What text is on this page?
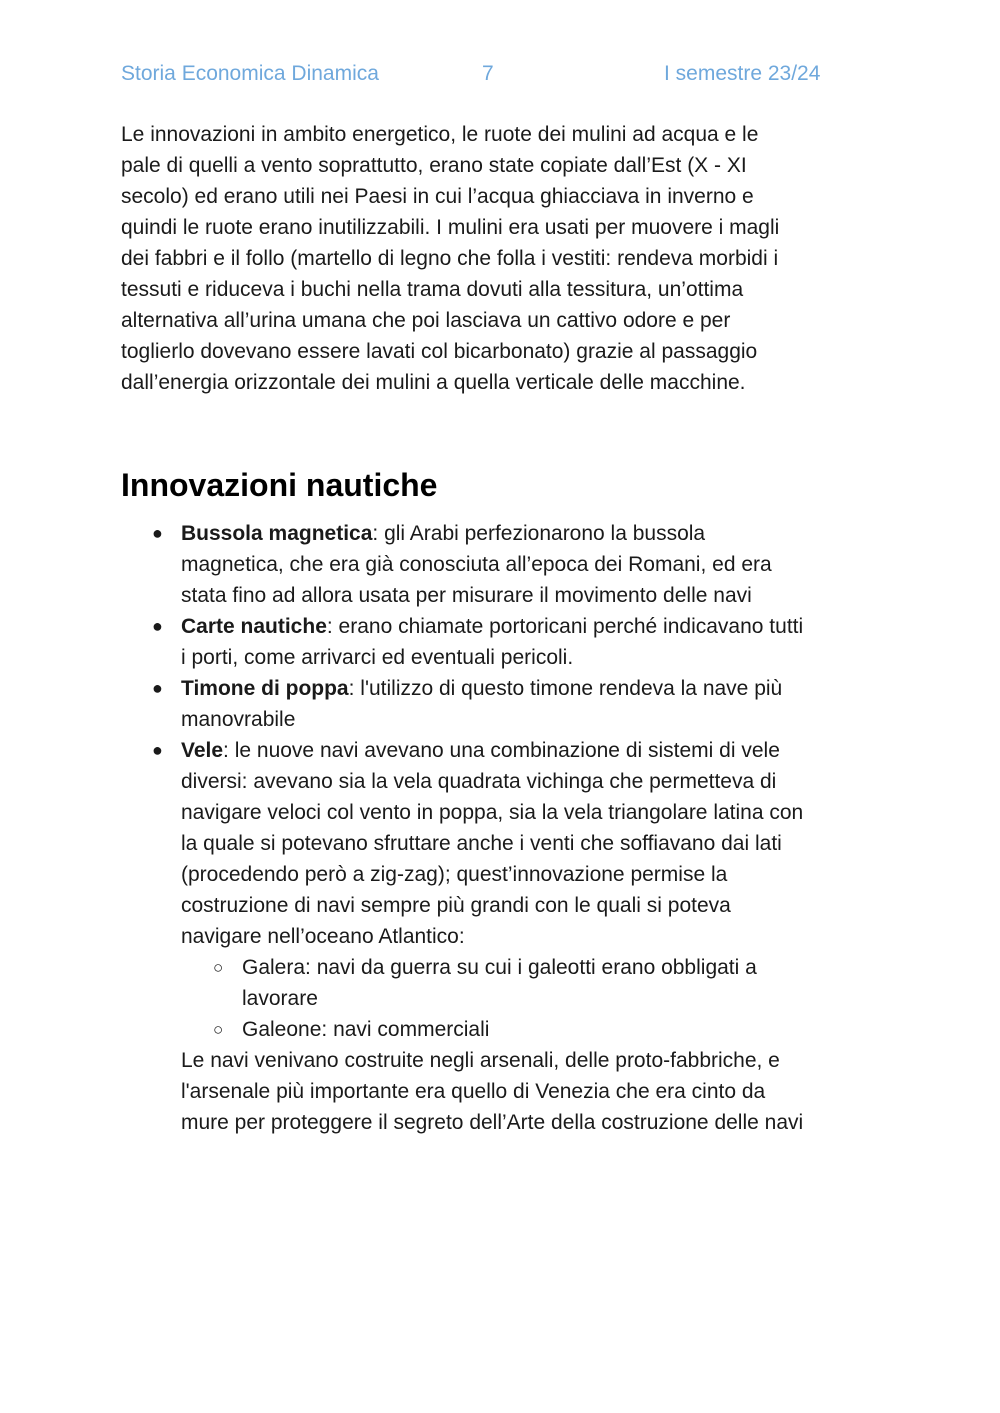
Storia Economica Dinamica	7	I semestre 23/24

Le innovazioni in ambito energetico, le ruote dei mulini ad acqua e le
pale di quelli a vento soprattutto, erano state copiate dall’Est (X - XI
secolo) ed erano utili nei Paesi in cui l’acqua ghiacciava in inverno e
quindi le ruote erano inutilizzabili. I mulini era usati per muovere i magli
dei fabbri e il follo (martello di legno che folla i vestiti: rendeva morbidi i
tessuti e riduceva i buchi nella trama dovuti alla tessitura, un’ottima
alternativa all’urina umana che poi lasciava un cattivo odore e per
toglierlo dovevano essere lavati col bicarbonato) grazie al passaggio
dall’energia orizzontale dei mulini a quella verticale delle macchine.

Innovazioni nautiche
● Bussola magnetica: gli Arabi perfezionarono la bussola
magnetica, che era già conosciuta all’epoca dei Romani, ed era
stata fino ad allora usata per misurare il movimento delle navi
● Carte nautiche: erano chiamate portoricani perché indicavano tutti
i porti, come arrivarci ed eventuali pericoli.
● Timone di poppa: l'utilizzo di questo timone rendeva la nave più
manovrabile
● Vele: le nuove navi avevano una combinazione di sistemi di vele
diversi: avevano sia la vela quadrata vichinga che permetteva di
navigare veloci col vento in poppa, sia la vela triangolare latina con
la quale si potevano sfruttare anche i venti che soffiavano dai lati
(procedendo però a zig-zag); quest’innovazione permise la
costruzione di navi sempre più grandi con le quali si poteva
navigare nell’oceano Atlantico:
○ Galera: navi da guerra su cui i galeotti erano obbligati a
lavorare
○ Galeone: navi commerciali
Le navi venivano costruite negli arsenali, delle proto-fabbriche, e
l'arsenale più importante era quello di Venezia che era cinto da
mure per proteggere il segreto dell’Arte della costruzione delle navi
